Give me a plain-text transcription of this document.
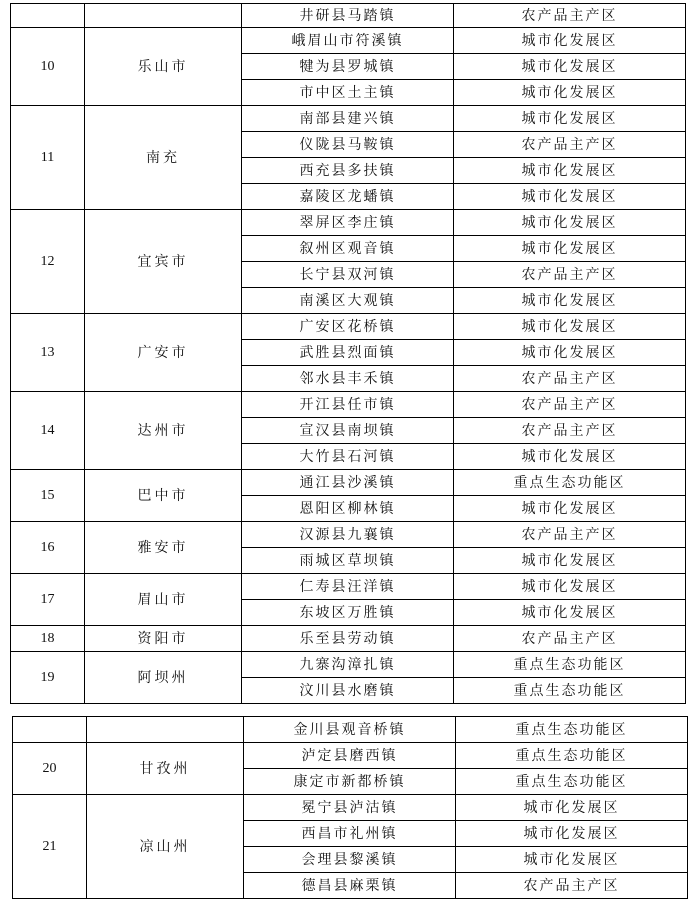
		井研县马踏镇	农产品主产区
10	乐山市	峨眉山市符溪镇	城市化发展区
		犍为县罗城镇	城市化发展区
		市中区土主镇	城市化发展区
11	南充	南部县建兴镇	城市化发展区
		仪陇县马鞍镇	农产品主产区
		西充县多扶镇	城市化发展区
		嘉陵区龙蟠镇	城市化发展区
12	宜宾市	翠屏区李庄镇	城市化发展区
		叙州区观音镇	城市化发展区
		长宁县双河镇	农产品主产区
		南溪区大观镇	城市化发展区
13	广安市	广安区花桥镇	城市化发展区
		武胜县烈面镇	城市化发展区
		邻水县丰禾镇	农产品主产区
14	达州市	开江县任市镇	农产品主产区
		宣汉县南坝镇	农产品主产区
		大竹县石河镇	城市化发展区
15	巴中市	通江县沙溪镇	重点生态功能区
		恩阳区柳林镇	城市化发展区
16	雅安市	汉源县九襄镇	农产品主产区
		雨城区草坝镇	城市化发展区
17	眉山市	仁寿县汪洋镇	城市化发展区
		东坡区万胜镇	城市化发展区
18	资阳市	乐至县劳动镇	农产品主产区
19	阿坝州	九寨沟漳扎镇	重点生态功能区
		汶川县水磨镇	重点生态功能区
		金川县观音桥镇	重点生态功能区
20	甘孜州	泸定县磨西镇	重点生态功能区
		康定市新都桥镇	重点生态功能区
21	凉山州	冕宁县泸沽镇	城市化发展区
		西昌市礼州镇	城市化发展区
		会理县黎溪镇	城市化发展区
		德昌县麻栗镇	农产品主产区
